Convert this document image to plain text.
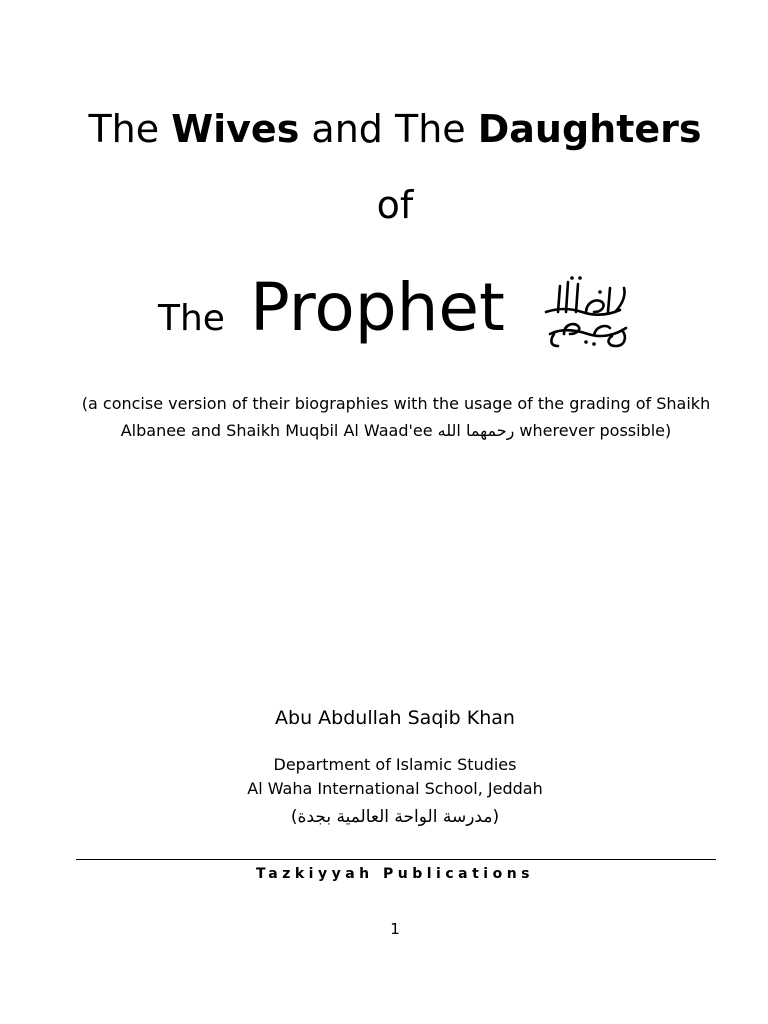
The Wives and The Daughters
of
The Prophet
(a concise version of their biographies with the usage of the grading of Shaikh
Albanee and Shaikh Muqbil Al Waad'ee رحمهما الله wherever possible)
Abu Abdullah Saqib Khan
Department of Islamic Studies
Al Waha International School, Jeddah
(مدرسة الواحة العالمية بجدة)
Tazkiyyah Publications
1
